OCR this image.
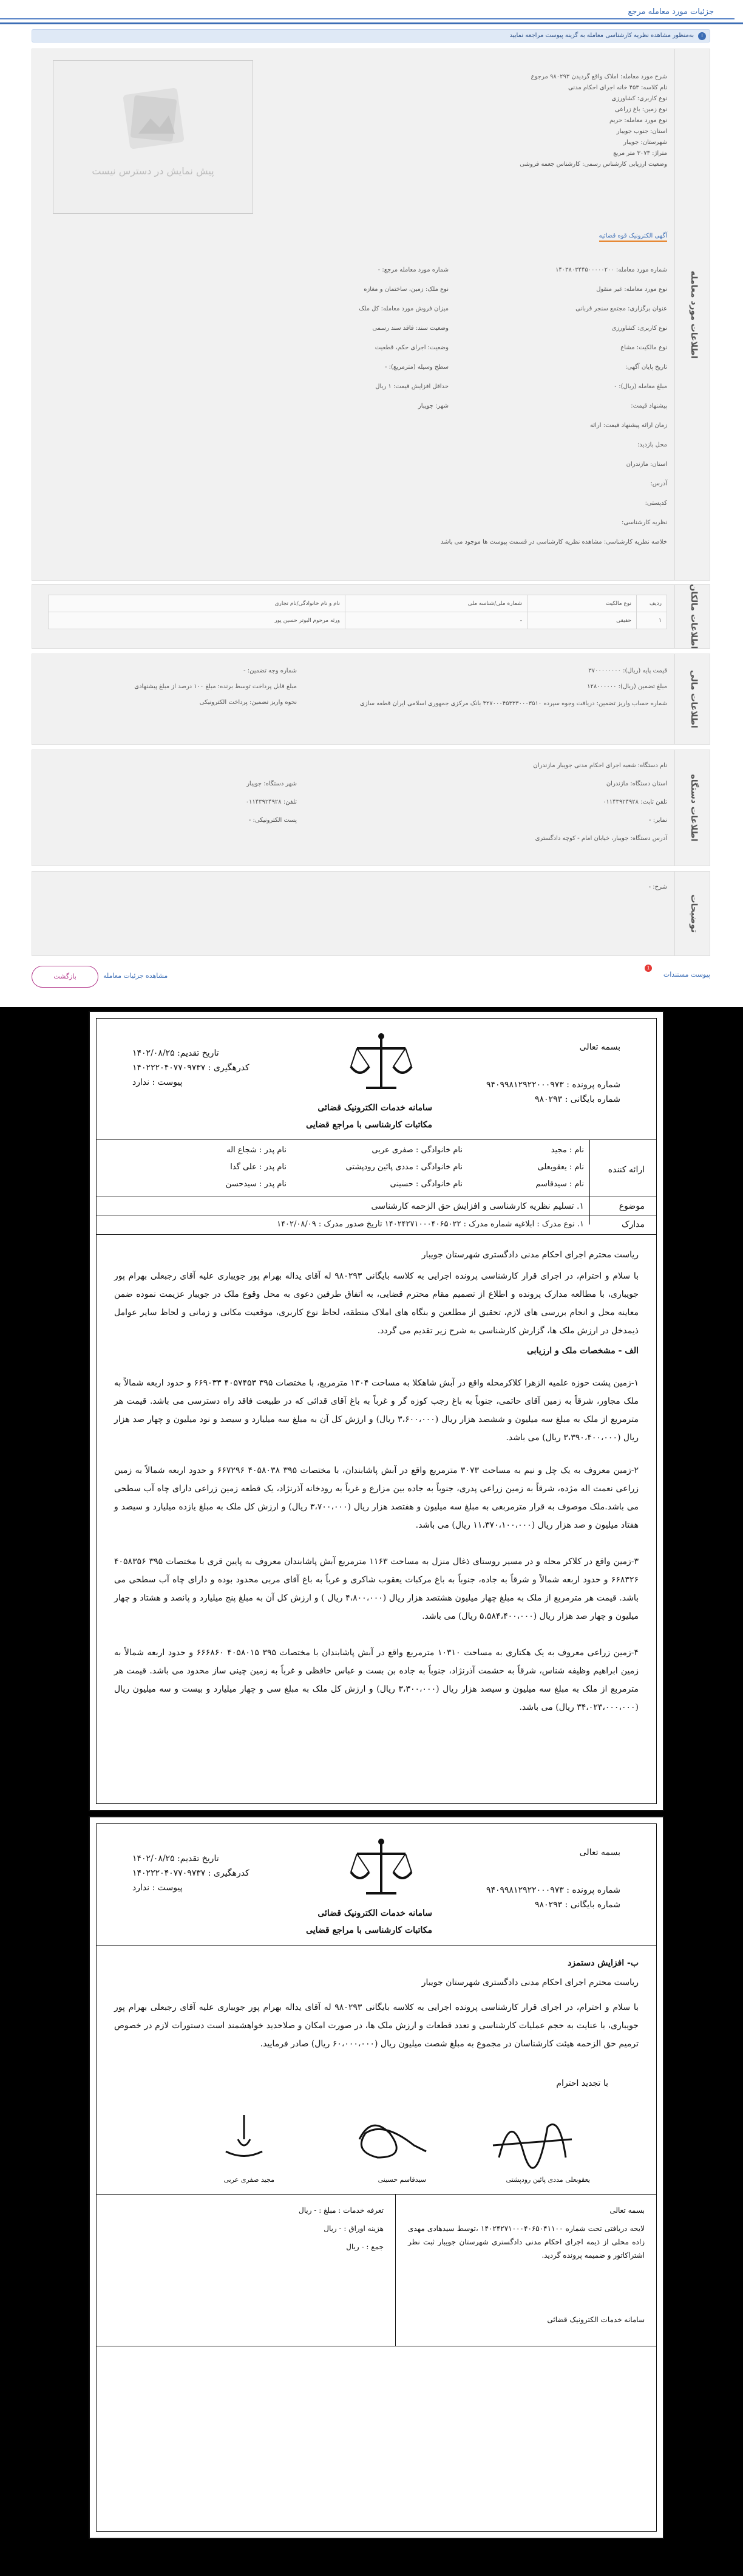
جزئیات مورد معامله مرجع
i
به‌منظور مشاهده نظریه کارشناسی معامله به گزینه پیوست مراجعه نمایید
اطلاعات مورد معامله
شرح مورد معامله: املاک واقع گردیدن ۹۸۰۲۹۳ مرجوع
نام کلاسه: ۴۵۳ خانه اجرای احکام مدنی
نوع کاربری: کشاورزی
نوع زمین: باغ زراعی
نوع مورد معامله: حریم
استان: جنوب جویبار
شهرستان: جویبار
متراژ: ۳۰۷۳ متر مربع
وضعیت ارزیابی کارشناس رسمی: کارشناس جعمه فروشی
پیش نمایش در دسترس نیست
آگهی الکترونیک قوه قضائیه
شماره مورد معامله: ۱۴۰۳۸۰۳۴۴۵۰۰۰۰۰۲۰۰
نوع مورد معامله: غیر منقول
عنوان برگزاری: مجتمع سنجر قربانی
نوع کاربری: کشاورزی
نوع مالکیت: مشاع
تاریخ پایان آگهی:
مبلغ معامله (ریال): ۰
پیشنهاد قیمت:
زمان ارائه پیشنهاد قیمت: ارائه
محل بازدید:
استان: مازندران
آدرس:
کدپستی:
نظریه کارشناسی:
خلاصه نظریه کارشناسی: مشاهده نظریه کارشناسی در قسمت پیوست ها موجود می باشد
شماره مورد معامله مرجع: -
نوع ملک: زمین، ساختمان و مغازه
میزان فروش مورد معامله: کل ملک
وضعیت سند: فاقد سند رسمی
وضعیت: اجرای حکم، قطعیت
سطح وسیله (مترمربع): -
حداقل افزایش قیمت: ۱ ریال
شهر: جویبار
اطلاعات مالکان
ردیف	نوع مالکیت	شماره ملی/شناسه ملی	نام و نام خانوادگی/نام تجاری
۱	حقیقی	-	ورثه مرحوم البوتر حسین پور
اطلاعات مالی
قیمت پایه (ریال): ۳۷۰۰۰۰۰۰۰۰
مبلغ تضمین (ریال): ۱۲۸۰۰۰۰۰۰
شماره حساب واریز تضمین: دریافت وجوه سپرده ۴۲۷۰۰۰۴۵۳۳۳۰۰۰۳۵۱۰ بانک مرکزی جمهوری اسلامی ایران قطعه سازی
شماره وجه تضمین: -
مبلغ قابل پرداخت توسط برنده: مبلغ ۱۰۰ درصد از مبلغ پیشنهادی
نحوه واریز تضمین: پرداخت الکترونیکی
اطلاعات دستگاه
نام دستگاه: شعبه اجرای احکام مدنی جویبار مازندران
استان دستگاه: مازندران
تلفن ثابت: ۰۱۱۴۳۹۲۴۹۲۸
نمابر: -
آدرس دستگاه: جویبار، خیابان امام - کوچه دادگستری
شهر دستگاه: جویبار
تلفن: ۰۱۱۴۳۹۲۴۹۲۸
پست الکترونیکی: -
توضیحات
شرح: -
بازگشت	مشاهده جزئیات معامله
1
پیوست مستندات
بسمه تعالی
شماره پرونده : ۹۴۰۹۹۸۱۲۹۲۲۰۰۰۹۷۳
شماره بایگانی : ۹۸۰۲۹۳
سامانه خدمات الکترونیک قضائی
مکاتبات کارشناسی با مراجع قضایی
تاریخ تقدیم: ۱۴۰۲/۰۸/۲۵
کدرهگیری : ۱۴۰۲۲۲۰۴۰۷۷۰۹۷۳۷
پیوست : ندارد
ارائه کننده
نام : مجید
نام خانوادگی : صفری عربی
نام پدر : شجاع اله
نام : یعقوبعلی
نام خانوادگی : مددی پائین رودپشتی
نام پدر : علی گدا
نام : سیدقاسم
نام خانوادگی : حسینی
نام پدر : سیدحسن
موضوع
۱. تسلیم نظریه کارشناسی و افزایش حق الزحمه کارشناسی
مدارک
۱. نوع مدرک : ابلاغیه شماره مدرک : ۱۴۰۲۴۲۷۱۰۰۰۴۰۶۵۰۲۲ تاریخ صدور مدرک : ۱۴۰۲/۰۸/۰۹
ریاست محترم اجرای احکام مدنی دادگستری شهرستان جویبار
با سلام و احترام، در اجرای قرار کارشناسی پرونده اجرایی به کلاسه بایگانی ۹۸۰۲۹۳ له آقای یداله بهرام پور جویباری علیه آقای رجبعلی بهرام پور جویباری، با مطالعه مدارک پرونده و اطلاع از تصمیم مقام محترم قضایی، به اتفاق طرفین دعوی به محل وقوع ملک در جویبار عزیمت نموده ضمن معاینه محل و انجام بررسی های لازم، تحقیق از مطلعین و بنگاه های املاک منطقه، لحاظ نوع کاربری، موقعیت مکانی و زمانی و لحاظ سایر عوامل ذیمدخل در ارزش ملک ها، گزارش کارشناسی به شرح زیر تقدیم می گردد.
الف - مشخصات ملک و ارزیابی
۱-زمین پشت حوزه علمیه الزهرا کلاکرمحله واقع در آبش شاهکلا به مساحت ۱۳۰۴ مترمربع، با مختصات ۳۹۵ ۴۰۵۷۴۵۳ ۶۶۹۰۳۳ و حدود اربعه شمالاً به ملک مجاور، شرقاً به زمین آقای حاتمی، جنوباً به باغ رجب کوزه گر و غرباً به باغ آقای قدائی که در طبیعت فاقد راه دسترسی می باشد. قیمت هر مترمربع از ملک به مبلغ سه میلیون و ششصد هزار ریال (۳،۶۰۰،۰۰۰ ریال) و ارزش کل آن به مبلغ سه میلیارد و سیصد و نود میلیون و چهار صد هزار ریال (۳،۳۹۰،۴۰۰،۰۰۰ ریال) می باشد.
۲-زمین معروف به یک چل و نیم به مساحت ۳۰۷۳ مترمربع واقع در آبش پاشابندان، با مختصات ۳۹۵ ۴۰۵۸۰۳۸ ۶۶۷۲۹۶ و حدود اربعه شمالاً به زمین زراعی نعمت اله مژده، شرقاً به زمین زراعی پدری، جنوباً به جاده بین مزارع و غرباً به رودخانه آذرنژاد، یک قطعه زمین زراعی دارای چاه آب سطحی می باشد.ملک موصوف به قرار مترمربعی به مبلغ سه میلیون و هفتصد هزار ریال (۳،۷۰۰،۰۰۰ ریال) و ارزش کل ملک به مبلغ یازده میلیارد و سیصد و هفتاد میلیون و صد هزار ریال (۱۱،۳۷۰،۱۰۰،۰۰۰ ریال) می باشد.
۳-زمین واقع در کلاکر محله و در مسیر روستای ذغال منزل به مساحت ۱۱۶۳ مترمربع آبش پاشابندان معروف به پایین قری با مختصات ۳۹۵ ۴۰۵۸۳۵۶ ۶۶۸۳۲۶ و حدود اربعه شمالاً و شرقاً به جاده، جنوباً به باغ مرکبات یعقوب شاکری و غرباً به باغ آقای مربی محدود بوده و دارای چاه آب سطحی می باشد. قیمت هر مترمربع از ملک به مبلغ چهار میلیون هشتصد هزار ریال (۴،۸۰۰،۰۰۰ ریال ) و ارزش کل آن به مبلغ پنج میلیارد و پانصد و هشتاد و چهار میلیون و چهار صد هزار ریال (۵،۵۸۴،۴۰۰،۰۰۰ ریال) می باشد.
۴-زمین زراعی معروف به یک هکتاری به مساحت ۱۰۳۱۰ مترمربع واقع در آبش پاشابندان با مختصات ۳۹۵ ۴۰۵۸۰۱۵ ۶۶۶۸۶۰ و حدود اربعه شمالاً به زمین ابراهیم وظیفه شناس، شرقاً به حشمت آذرنژاد، جنوباً به جاده بن بست و عباس حافظی و غرباً به زمین چینی ساز محدود می باشد. قیمت هر مترمربع از ملک به مبلغ سه میلیون و سیصد هزار ریال (۳،۳۰۰،۰۰۰ ریال) و ارزش کل ملک به مبلغ سی و چهار میلیارد و بیست و سه میلیون ریال (۳۴،۰۲۳،۰۰۰،۰۰۰ ریال) می باشد.
بسمه تعالی
شماره پرونده : ۹۴۰۹۹۸۱۲۹۲۲۰۰۰۹۷۳
شماره بایگانی : ۹۸۰۲۹۳
سامانه خدمات الکترونیک قضائی
مکاتبات کارشناسی با مراجع قضایی
تاریخ تقدیم: ۱۴۰۲/۰۸/۲۵
کدرهگیری : ۱۴۰۲۲۲۰۴۰۷۷۰۹۷۳۷
پیوست : ندارد
ب- افزایش دستمزد
ریاست محترم اجرای احکام مدنی دادگستری شهرستان جویبار
با سلام و احترام، در اجرای قرار کارشناسی پرونده اجرایی به کلاسه بایگانی ۹۸۰۲۹۳ له آقای یداله بهرام پور جویباری علیه آقای رجبعلی بهرام پور جویباری، با عنایت به حجم عملیات کارشناسی و تعدد قطعات و ارزش ملک ها، در صورت امکان و صلاحدید خواهشمند است دستورات لازم در خصوص ترمیم حق الزحمه هیئت کارشناسان در مجموع به مبلغ شصت میلیون ریال (۶۰،۰۰۰،۰۰۰ ریال) صادر فرمایید.
با تجدید احترام
یعقوبعلی مددی پائین رودپشتی
سیدقاسم حسینی
مجید صفری عربی
بسمه تعالی
لایحه دریافتی تحت شماره ۱۴۰۲۴۲۷۱۰۰۰۴۰۶۵۰۴۱۱۰۰ ،توسط سیدهادی مهدی زاده محلی از ذیمه اجرای احکام مدنی دادگستری شهرستان جویبار ثبت نظر اشتراکاتور و ضمیمه پرونده گردید.
سامانه خدمات الکترونیک قضائی
تعرفه خدمات : مبلغ : - ریال
هزینه اوراق : - ریال
جمع : - ریال
